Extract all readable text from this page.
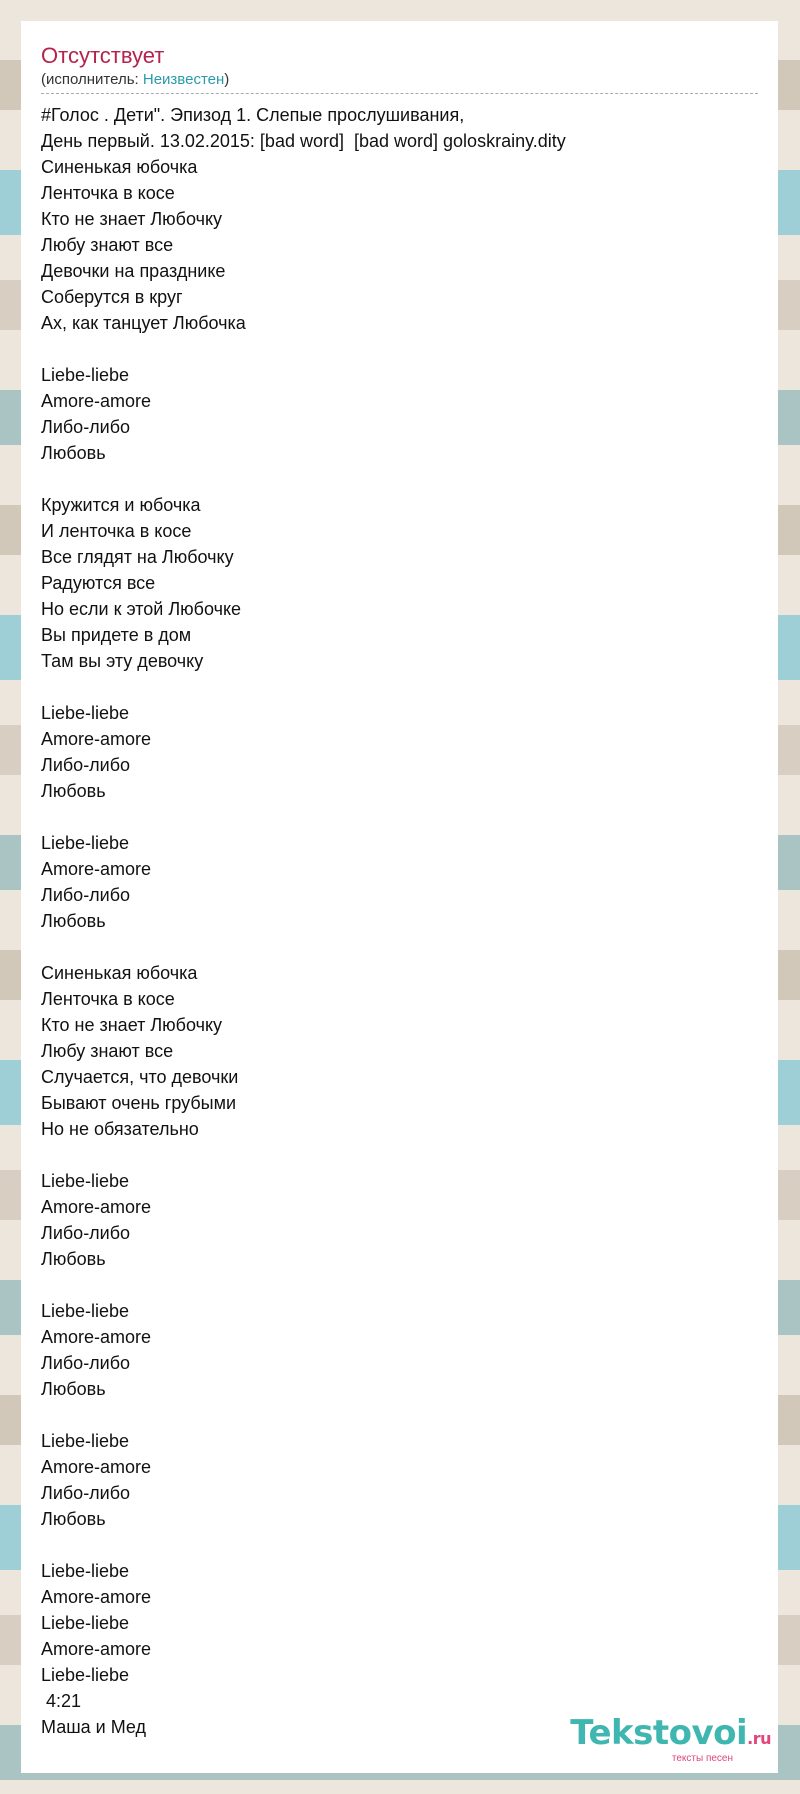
Отсутствует
(исполнитель: Неизвестен)
#Голос . Дети". Эпизод 1. Слепые прослушивания,
День первый. 13.02.2015: [bad word]  [bad word] goloskrainy.dity
Синенькая юбочка
Ленточка в косе
Кто не знает Любочку
Любу знают все
Девочки на празднике
Соберутся в круг
Ах, как танцует Любочка
Liebe-liebe
Amore-amore
Либо-либо
Любовь
Кружится и юбочка
И ленточка в косе
Все глядят на Любочку
Радуются все
Но если к этой Любочке
Вы придете в дом
Там вы эту девочку
Liebe-liebe
Amore-amore
Либо-либо
Любовь
Liebe-liebe
Amore-amore
Либо-либо
Любовь
Синенькая юбочка
Ленточка в косе
Кто не знает Любочку
Любу знают все
Случается, что девочки
Бывают очень грубыми
Но не обязательно
Liebe-liebe
Amore-amore
Либо-либо
Любовь
Liebe-liebe
Amore-amore
Либо-либо
Любовь
Liebe-liebe
Amore-amore
Либо-либо
Любовь
Liebe-liebe
Amore-amore
Liebe-liebe
Amore-amore
Liebe-liebe
4:21
Маша и Мед	Tekstovoi.ru
тексты песен
